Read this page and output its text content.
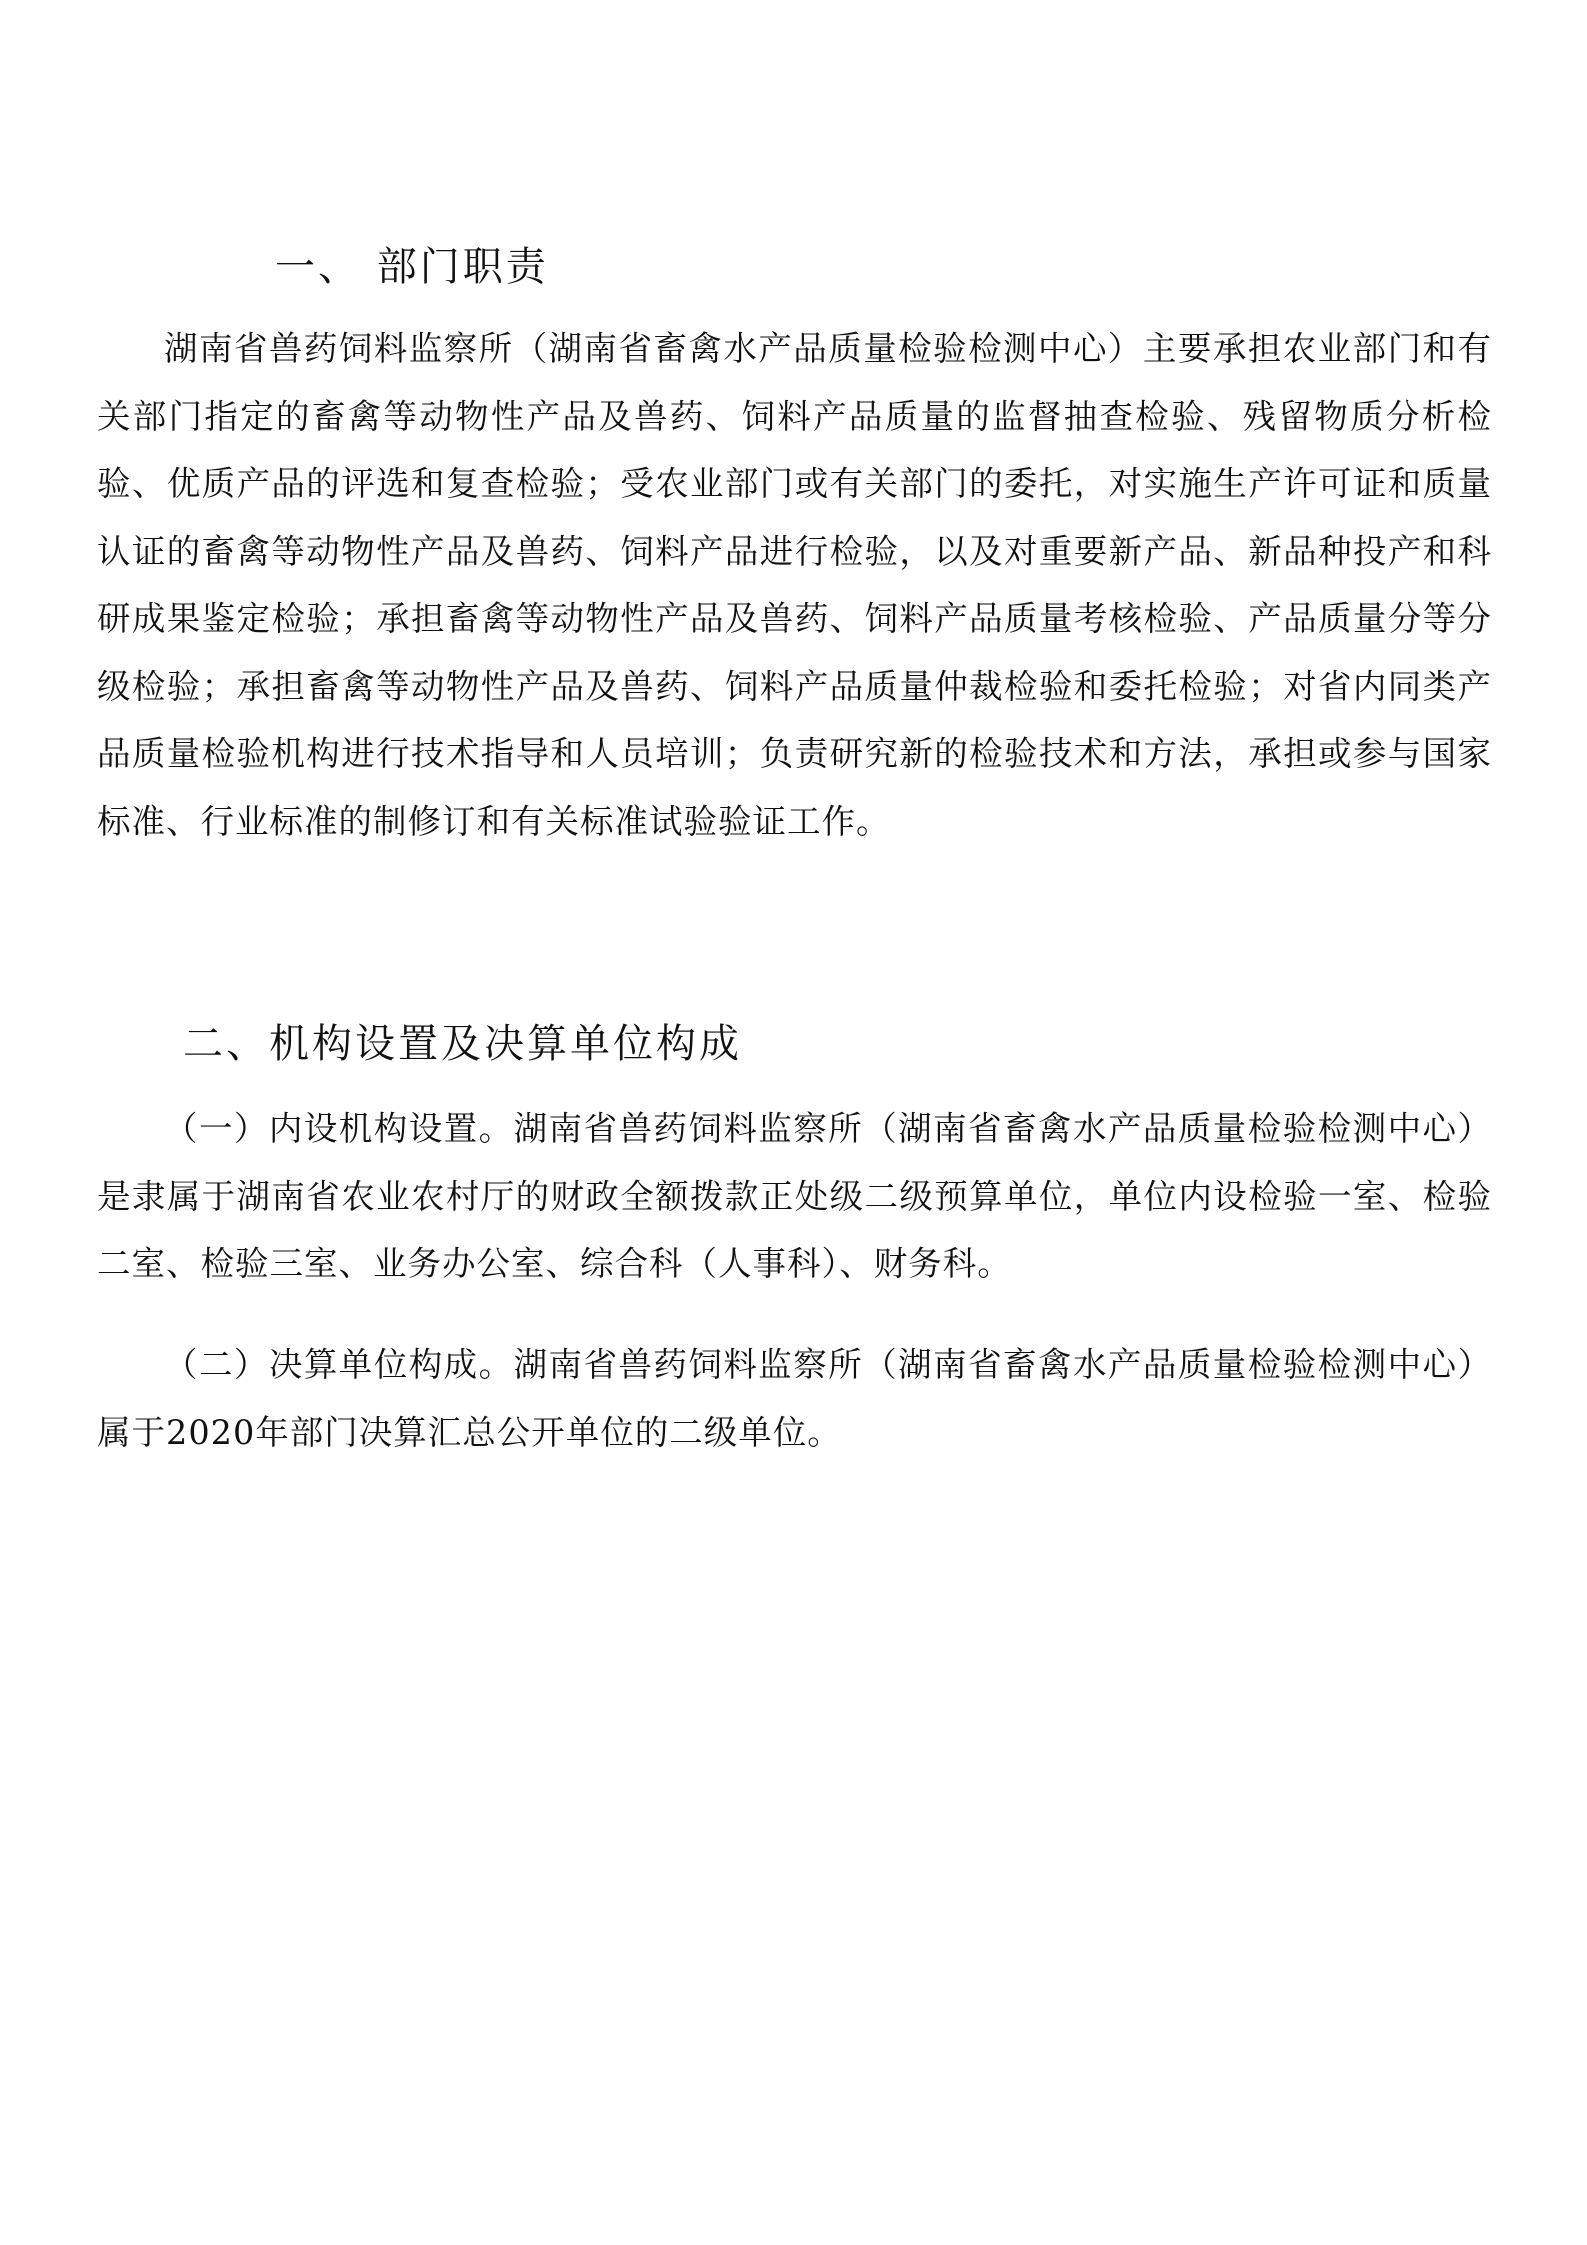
一、 部门职责

湖南省兽药饲料监察所（湖南省畜禽水产品质量检验检测中心）主要承担农业部门和有关部门指定的畜禽等动物性产品及兽药、饲料产品质量的监督抽查检验、残留物质分析检验、优质产品的评选和复查检验；受农业部门或有关部门的委托，对实施生产许可证和质量认证的畜禽等动物性产品及兽药、饲料产品进行检验，以及对重要新产品、新品种投产和科研成果鉴定检验；承担畜禽等动物性产品及兽药、饲料产品质量考核检验、产品质量分等分级检验；承担畜禽等动物性产品及兽药、饲料产品质量仲裁检验和委托检验；对省内同类产品质量检验机构进行技术指导和人员培训；负责研究新的检验技术和方法，承担或参与国家标准、行业标准的制修订和有关标准试验验证工作。

二、机构设置及决算单位构成

（一）内设机构设置。湖南省兽药饲料监察所（湖南省畜禽水产品质量检验检测中心）是隶属于湖南省农业农村厅的财政全额拨款正处级二级预算单位，单位内设检验一室、检验二室、检验三室、业务办公室、综合科（人事科）、财务科。

（二）决算单位构成。湖南省兽药饲料监察所（湖南省畜禽水产品质量检验检测中心）属于2020年部门决算汇总公开单位的二级单位。
